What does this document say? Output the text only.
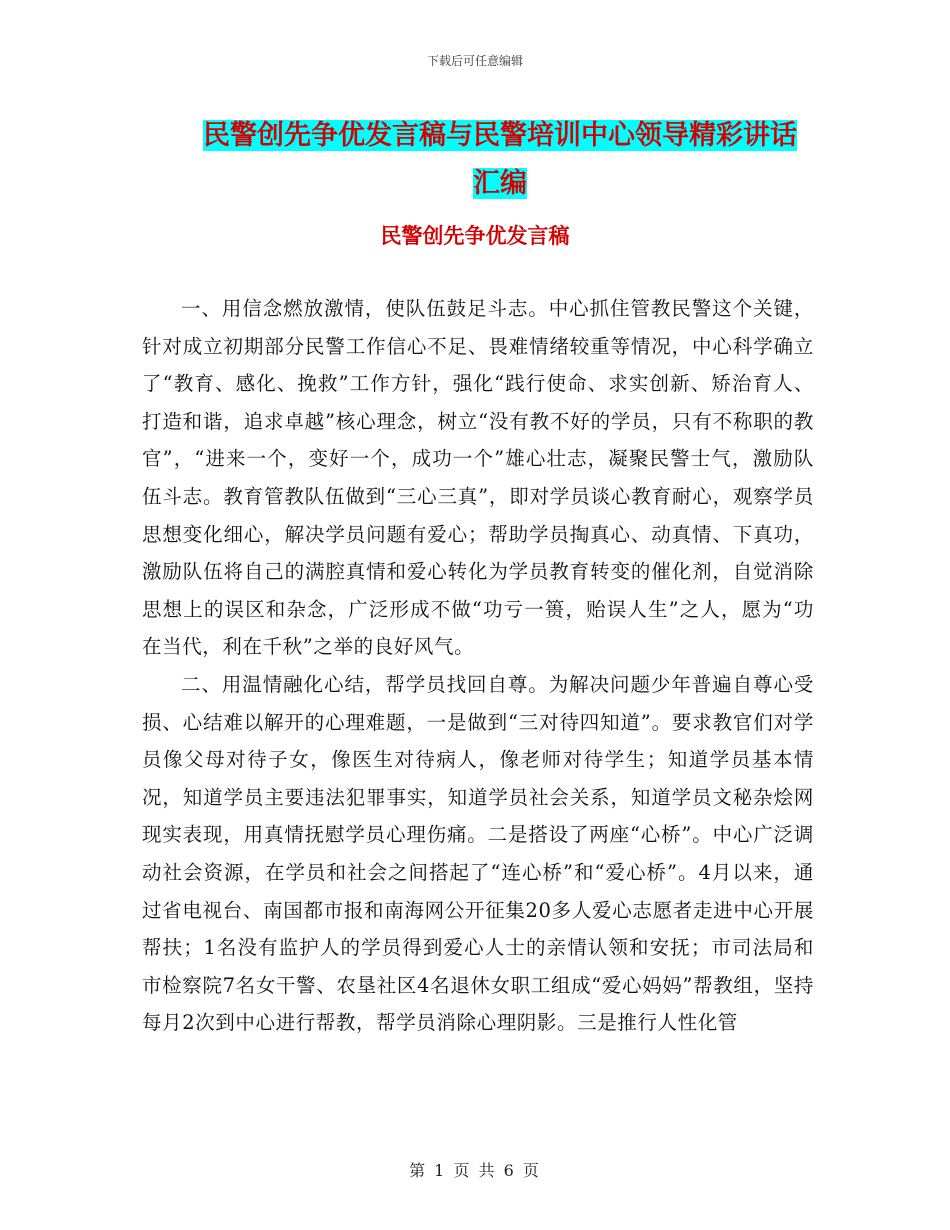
下载后可任意编辑
民警创先争优发言稿与民警培训中心领导精彩讲话汇编
民警创先争优发言稿

一、用信念燃放激情，使队伍鼓足斗志。中心抓住管教民警这个关键，针对成立初期部分民警工作信心不足、畏难情绪较重等情况，中心科学确立了“教育、感化、挽救”工作方针，强化“践行使命、求实创新、矫治育人、打造和谐，追求卓越”核心理念，树立“没有教不好的学员，只有不称职的教官”，“进来一个，变好一个，成功一个”雄心壮志，凝聚民警士气，激励队伍斗志。教育管教队伍做到“三心三真”，即对学员谈心教育耐心，观察学员思想变化细心，解决学员问题有爱心；帮助学员掏真心、动真情、下真功，激励队伍将自己的满腔真情和爱心转化为学员教育转变的催化剂，自觉消除思想上的误区和杂念，广泛形成不做“功亏一篑，贻误人生”之人，愿为“功在当代，利在千秋”之举的良好风气。

二、用温情融化心结，帮学员找回自尊。为解决问题少年普遍自尊心受损、心结难以解开的心理难题，一是做到“三对待四知道”。要求教官们对学员像父母对待子女，像医生对待病人，像老师对待学生；知道学员基本情况，知道学员主要违法犯罪事实，知道学员社会关系，知道学员文秘杂烩网现实表现，用真情抚慰学员心理伤痛。二是搭设了两座“心桥”。中心广泛调动社会资源，在学员和社会之间搭起了“连心桥”和“爱心桥”。4月以来，通过省电视台、南国都市报和南海网公开征集20多人爱心志愿者走进中心开展帮扶；1名没有监护人的学员得到爱心人士的亲情认领和安抚；市司法局和市检察院7名女干警、农垦社区4名退休女职工组成“爱心妈妈”帮教组，坚持每月2次到中心进行帮教，帮学员消除心理阴影。三是推行人性化管

第 1 页 共 6 页
